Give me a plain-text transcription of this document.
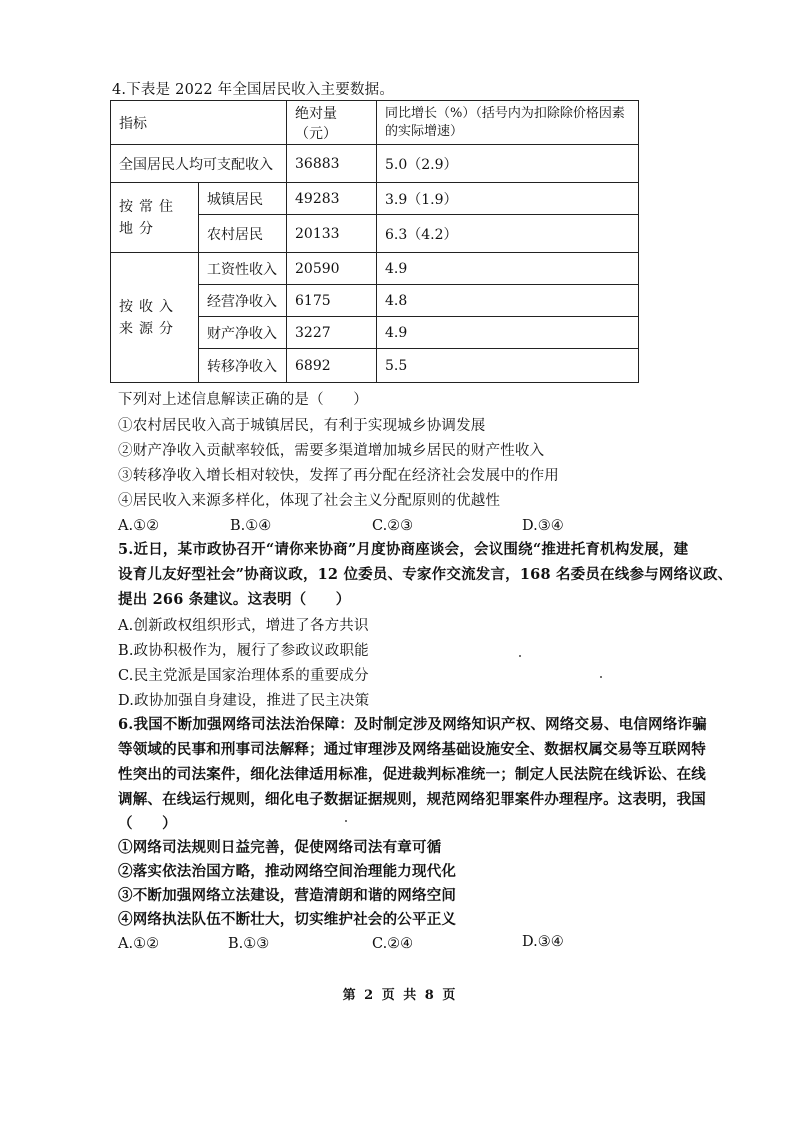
4.下表是 2022 年全国居民收入主要数据。
指标		绝对量（元）	同比增长（%）（括号内为扣除除价格因素的实际增速）
全国居民人均可支配收入		36883	5.0（2.9）
按常住地分	城镇居民	49283	3.9（1.9）
	农村居民	20133	6.3（4.2）
按收入来源分	工资性收入	20590	4.9
	经营净收入	6175	4.8
	财产净收入	3227	4.9
	转移净收入	6892	5.5
下列对上述信息解读正确的是（　　）
①农村居民收入高于城镇居民，有利于实现城乡协调发展
②财产净收入贡献率较低，需要多渠道增加城乡居民的财产性收入
③转移净收入增长相对较快，发挥了再分配在经济社会发展中的作用
④居民收入来源多样化，体现了社会主义分配原则的优越性
A.①②	B.①④	C.②③	D.③④
5.近日，某市政协召开“请你来协商”月度协商座谈会，会议围绕“推进托育机构发展，建
设育儿友好型社会”协商议政，12 位委员、专家作交流发言，168 名委员在线参与网络议政、
提出 266 条建议。这表明（　　）
A.创新政权组织形式，增进了各方共识
B.政协积极作为，履行了参政议政职能
C.民主党派是国家治理体系的重要成分
D.政协加强自身建设，推进了民主决策
6.我国不断加强网络司法法治保障：及时制定涉及网络知识产权、网络交易、电信网络诈骗
等领域的民事和刑事司法解释；通过审理涉及网络基础设施安全、数据权属交易等互联网特
性突出的司法案件，细化法律适用标准，促进裁判标准统一；制定人民法院在线诉讼、在线
调解、在线运行规则，细化电子数据证据规则，规范网络犯罪案件办理程序。这表明，我国
（　　）
①网络司法规则日益完善，促使网络司法有章可循
②落实依法治国方略，推动网络空间治理能力现代化
③不断加强网络立法建设，营造清朗和谐的网络空间
④网络执法队伍不断壮大，切实维护社会的公平正义
A.①②	B.①③	C.②④	D.③④
第 2 页 共 8 页
